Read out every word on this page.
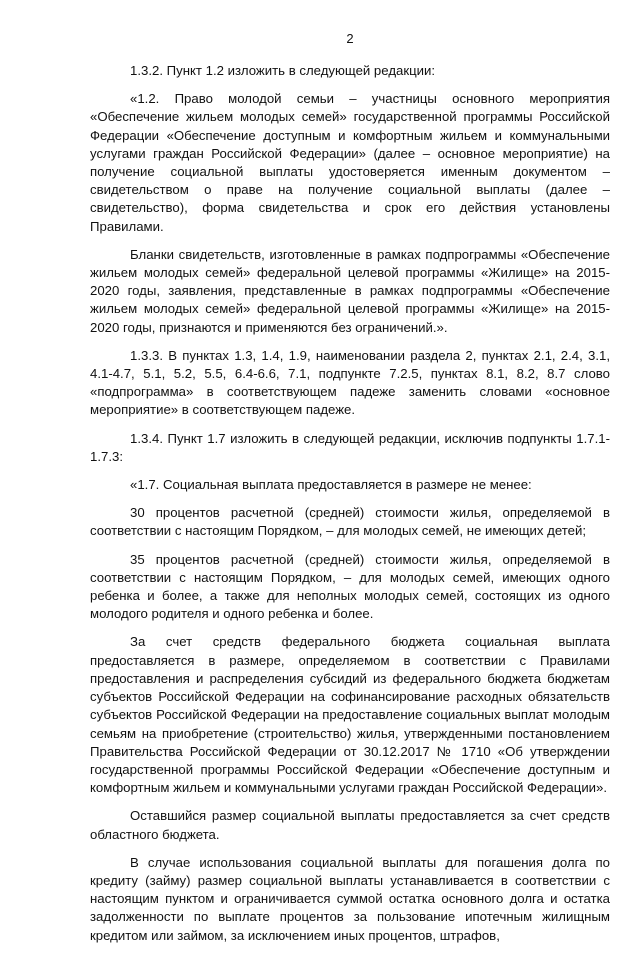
2

1.3.2. Пункт 1.2 изложить в следующей редакции:

«1.2. Право молодой семьи – участницы основного мероприятия «Обеспечение жильем молодых семей» государственной программы Российской Федерации «Обеспечение доступным и комфортным жильем и коммунальными услугами граждан Российской Федерации» (далее – основное мероприятие) на получение социальной выплаты удостоверяется именным документом – свидетельством о праве на получение социальной выплаты (далее – свидетельство), форма свидетельства и срок его действия установлены Правилами.

Бланки свидетельств, изготовленные в рамках подпрограммы «Обеспечение жильем молодых семей» федеральной целевой программы «Жилище» на 2015-2020 годы, заявления, представленные в рамках подпрограммы «Обеспечение жильем молодых семей» федеральной целевой программы «Жилище» на 2015-2020 годы, признаются и применяются без ограничений.».

1.3.3. В пунктах 1.3, 1.4, 1.9, наименовании раздела 2, пунктах 2.1, 2.4, 3.1, 4.1-4.7, 5.1, 5.2, 5.5, 6.4-6.6, 7.1, подпункте 7.2.5, пунктах 8.1, 8.2, 8.7 слово «подпрограмма» в соответствующем падеже заменить словами «основное мероприятие» в соответствующем падеже.

1.3.4. Пункт 1.7 изложить в следующей редакции, исключив подпункты 1.7.1-1.7.3:

«1.7. Социальная выплата предоставляется в размере не менее:

30 процентов расчетной (средней) стоимости жилья, определяемой в соответствии с настоящим Порядком, – для молодых семей, не имеющих детей;

35 процентов расчетной (средней) стоимости жилья, определяемой в соответствии с настоящим Порядком, – для молодых семей, имеющих одного ребенка и более, а также для неполных молодых семей, состоящих из одного молодого родителя и одного ребенка и более.

За счет средств федерального бюджета социальная выплата предоставляется в размере, определяемом в соответствии с Правилами предоставления и распределения субсидий из федерального бюджета бюджетам субъектов Российской Федерации на софинансирование расходных обязательств субъектов Российской Федерации на предоставление социальных выплат молодым семьям на приобретение (строительство) жилья, утвержденными постановлением Правительства Российской Федерации от 30.12.2017 № 1710 «Об утверждении государственной программы Российской Федерации «Обеспечение доступным и комфортным жильем и коммунальными услугами граждан Российской Федерации».

Оставшийся размер социальной выплаты предоставляется за счет средств областного бюджета.

В случае использования социальной выплаты для погашения долга по кредиту (займу) размер социальной выплаты устанавливается в соответствии с настоящим пунктом и ограничивается суммой остатка основного долга и остатка задолженности по выплате процентов за пользование ипотечным жилищным кредитом или займом, за исключением иных процентов, штрафов,
